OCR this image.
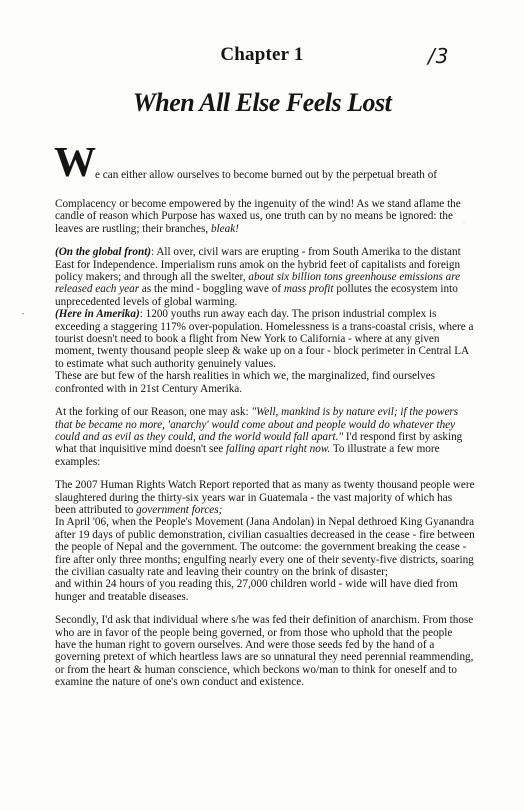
Chapter 1	/3
When All Else Feels Lost
W e can either allow ourselves to become burned out by the perpetual breath of

Complacency or become empowered by the ingenuity of the wind! As we stand aflame the candle of reason which Purpose has waxed us, one truth can by no means be ignored: the leaves are rustling; their branches, bleak!

(On the global front): All over, civil wars are erupting - from South Amerika to the distant East for Independence. Imperialism runs amok on the hybrid feet of capitalists and foreign policy makers; and through all the swelter, about six billion tons greenhouse emissions are released each year as the mind - boggling wave of mass profit pollutes the ecosystem into unprecedented levels of global warming.

(Here in Amerika): 1200 youths run away each day. The prison industrial complex is exceeding a staggering 117% over-population. Homelessness is a trans-coastal crisis, where a tourist doesn't need to book a flight from New York to California - where at any given moment, twenty thousand people sleep & wake up on a four - block perimeter in Central LA to estimate what such authority genuinely values.

These are but few of the harsh realities in which we, the marginalized, find ourselves confronted with in 21st Century Amerika.

At the forking of our Reason, one may ask: "Well, mankind is by nature evil; if the powers that be became no more, 'anarchy' would come about and people would do whatever they could and as evil as they could, and the world would fall apart." I'd respond first by asking what that inquisitive mind doesn't see falling apart right now. To illustrate a few more examples:

The 2007 Human Rights Watch Report reported that as many as twenty thousand people were slaughtered during the thirty-six years war in Guatemala - the vast majority of which has been attributed to government forces;

In April '06, when the People's Movement (Jana Andolan) in Nepal dethroed King Gyanandra after 19 days of public demonstration, civilian casualties decreased in the cease - fire between the people of Nepal and the government. The outcome: the government breaking the cease - fire after only three months; engulfing nearly every one of their seventy-five districts, soaring the civilian casualty rate and leaving their country on the brink of disaster;

and within 24 hours of you reading this, 27,000 children world - wide will have died from hunger and treatable diseases.

Secondly, I'd ask that individual where s/he was fed their definition of anarchism. From those who are in favor of the people being governed, or from those who uphold that the people have the human right to govern ourselves. And were those seeds fed by the hand of a governing pretext of which heartless laws are so unnatural they need perennial reammending, or from the heart & human conscience, which beckons wo/man to think for oneself and to examine the nature of one's own conduct and existence.

•
·
